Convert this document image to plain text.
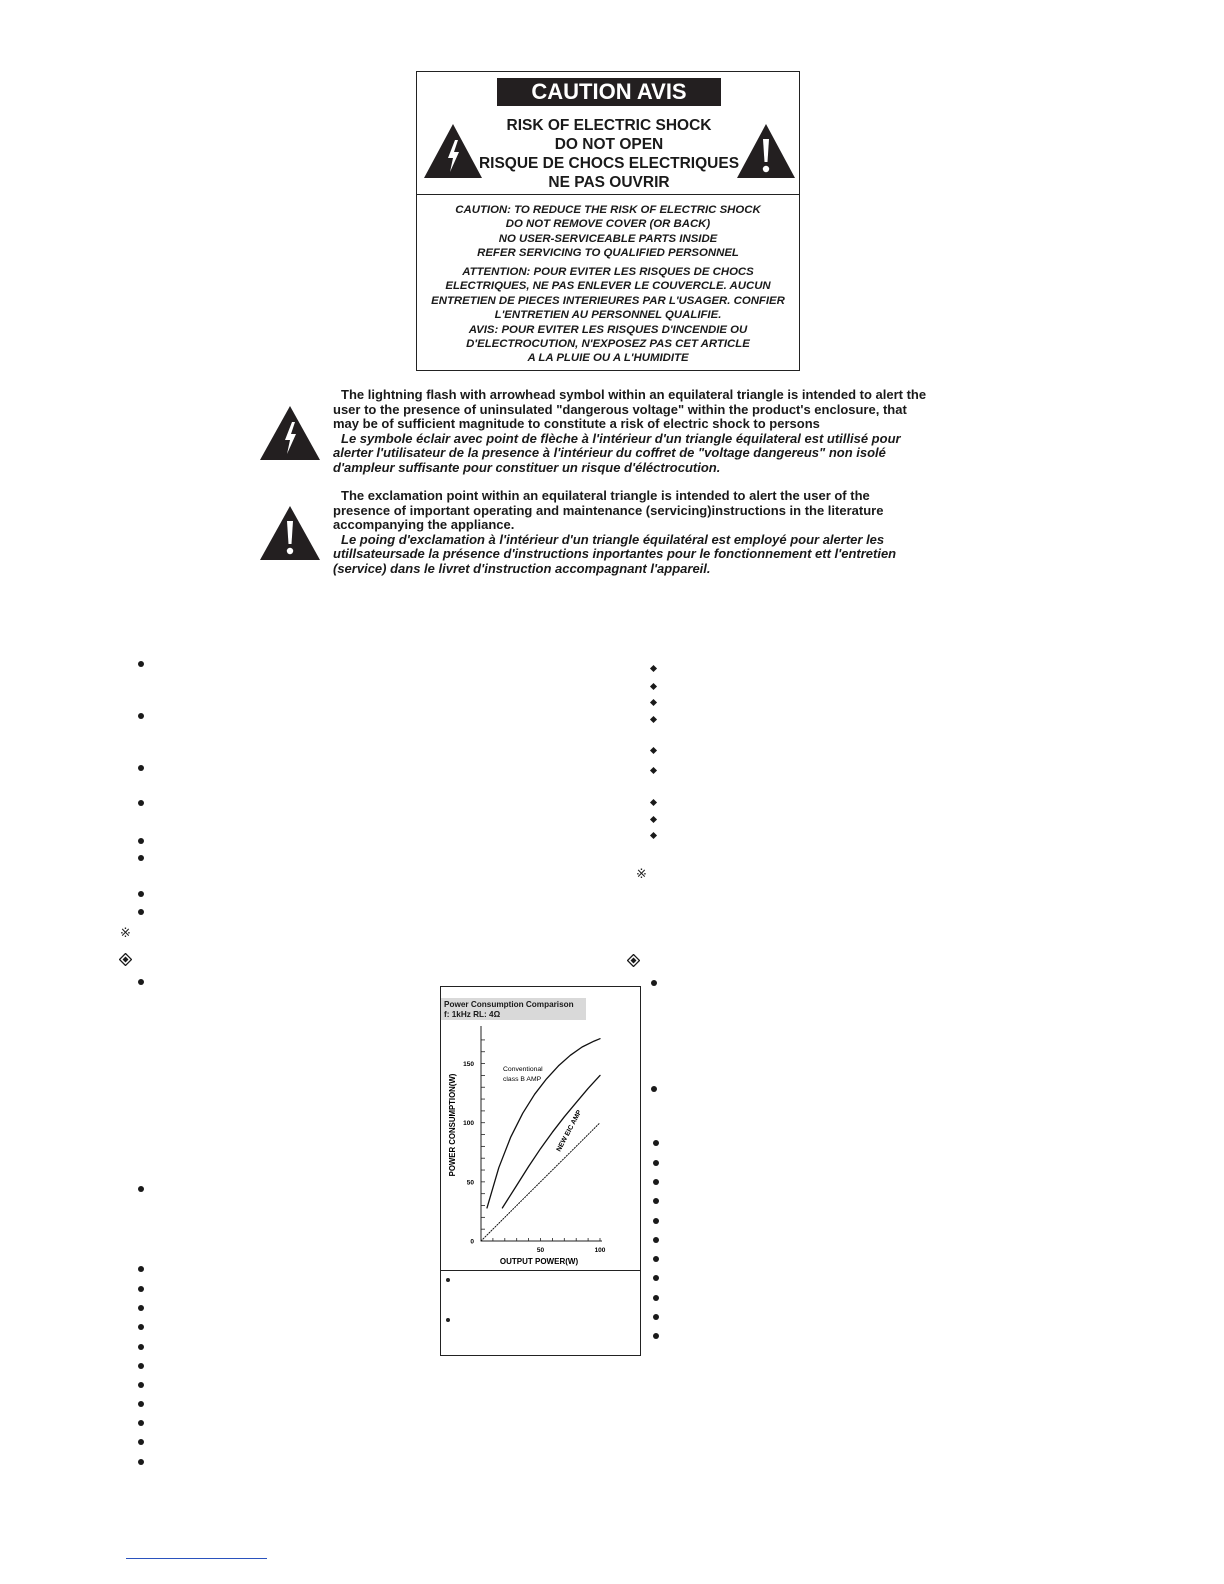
CAUTION AVIS
RISK OF ELECTRIC SHOCK
DO NOT OPEN
RISQUE DE CHOCS ELECTRIQUES
NE PAS OUVRIR
CAUTION: TO REDUCE THE RISK OF ELECTRIC SHOCK
DO NOT REMOVE COVER (OR BACK)
NO USER-SERVICEABLE PARTS INSIDE
REFER SERVICING TO QUALIFIED PERSONNEL
ATTENTION: POUR EVITER LES RISQUES DE CHOCS
ELECTRIQUES, NE PAS ENLEVER LE COUVERCLE. AUCUN
ENTRETIEN DE PIECES INTERIEURES PAR L'USAGER. CONFIER
L'ENTRETIEN AU PERSONNEL QUALIFIE.
AVIS: POUR EVITER LES RISQUES D'INCENDIE OU
D'ELECTROCUTION, N'EXPOSEZ PAS CET ARTICLE
A LA PLUIE OU A L'HUMIDITE
The lightning flash with arrowhead symbol within an equilateral triangle is intended to alert the
user to the presence of uninsulated "dangerous voltage" within the product's enclosure, that
may be of sufficient magnitude to constitute a risk of electric shock to persons
Le symbole éclair avec point de flèche à l'intérieur d'un triangle équilateral est utillisé pour
alerter l'utilisateur de la presence à l'intérieur du coffret de "voltage dangereus" non isolé
d'ampleur suffisante pour constituer un risque d'éléctrocution.
The exclamation point within an equilateral triangle is intended to alert the user of the
presence of important operating and maintenance (servicing)instructions in the literature
accompanying the appliance.
Le poing d'exclamation à l'intérieur d'un triangle équilatéral est employé pour alerter les
utillsateursade la présence d'instructions inportantes pour le fonctionnement ett l'entretien
(service) dans le livret d'instruction accompagnant l'appareil.
※
※
Power Consumption Comparison
f: 1kHz RL: 4Ω
0
50
100
150
50	100
OUTPUT POWER(W)
POWER CONSUMPTION(W)
Conventional
class B AMP
NEW EIC AMP
